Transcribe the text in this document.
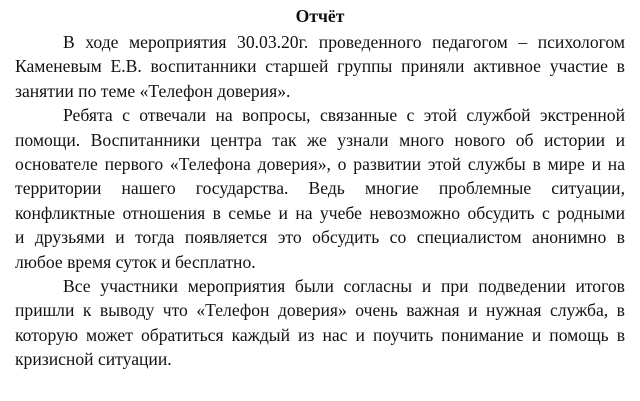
Отчёт

В ходе мероприятия 30.03.20г. проведенного педагогом – психологом
Каменевым Е.В. воспитанники старшей группы приняли активное участие в
занятии по теме «Телефон доверия».

Ребята с отвечали на вопросы, связанные с этой службой экстренной
помощи. Воспитанники центра так же узнали много нового об истории и
основателе первого «Телефона доверия», о развитии этой службы в мире и на
территории нашего государства. Ведь многие проблемные ситуации,
конфликтные отношения в семье и на учебе невозможно обсудить с родными
и друзьями и тогда появляется это обсудить со специалистом анонимно в
любое время суток и бесплатно.

Все участники мероприятия были согласны и при подведении итогов
пришли к выводу что «Телефон доверия» очень важная и нужная служба, в
которую может обратиться каждый из нас и поучить понимание и помощь в
кризисной ситуации.
